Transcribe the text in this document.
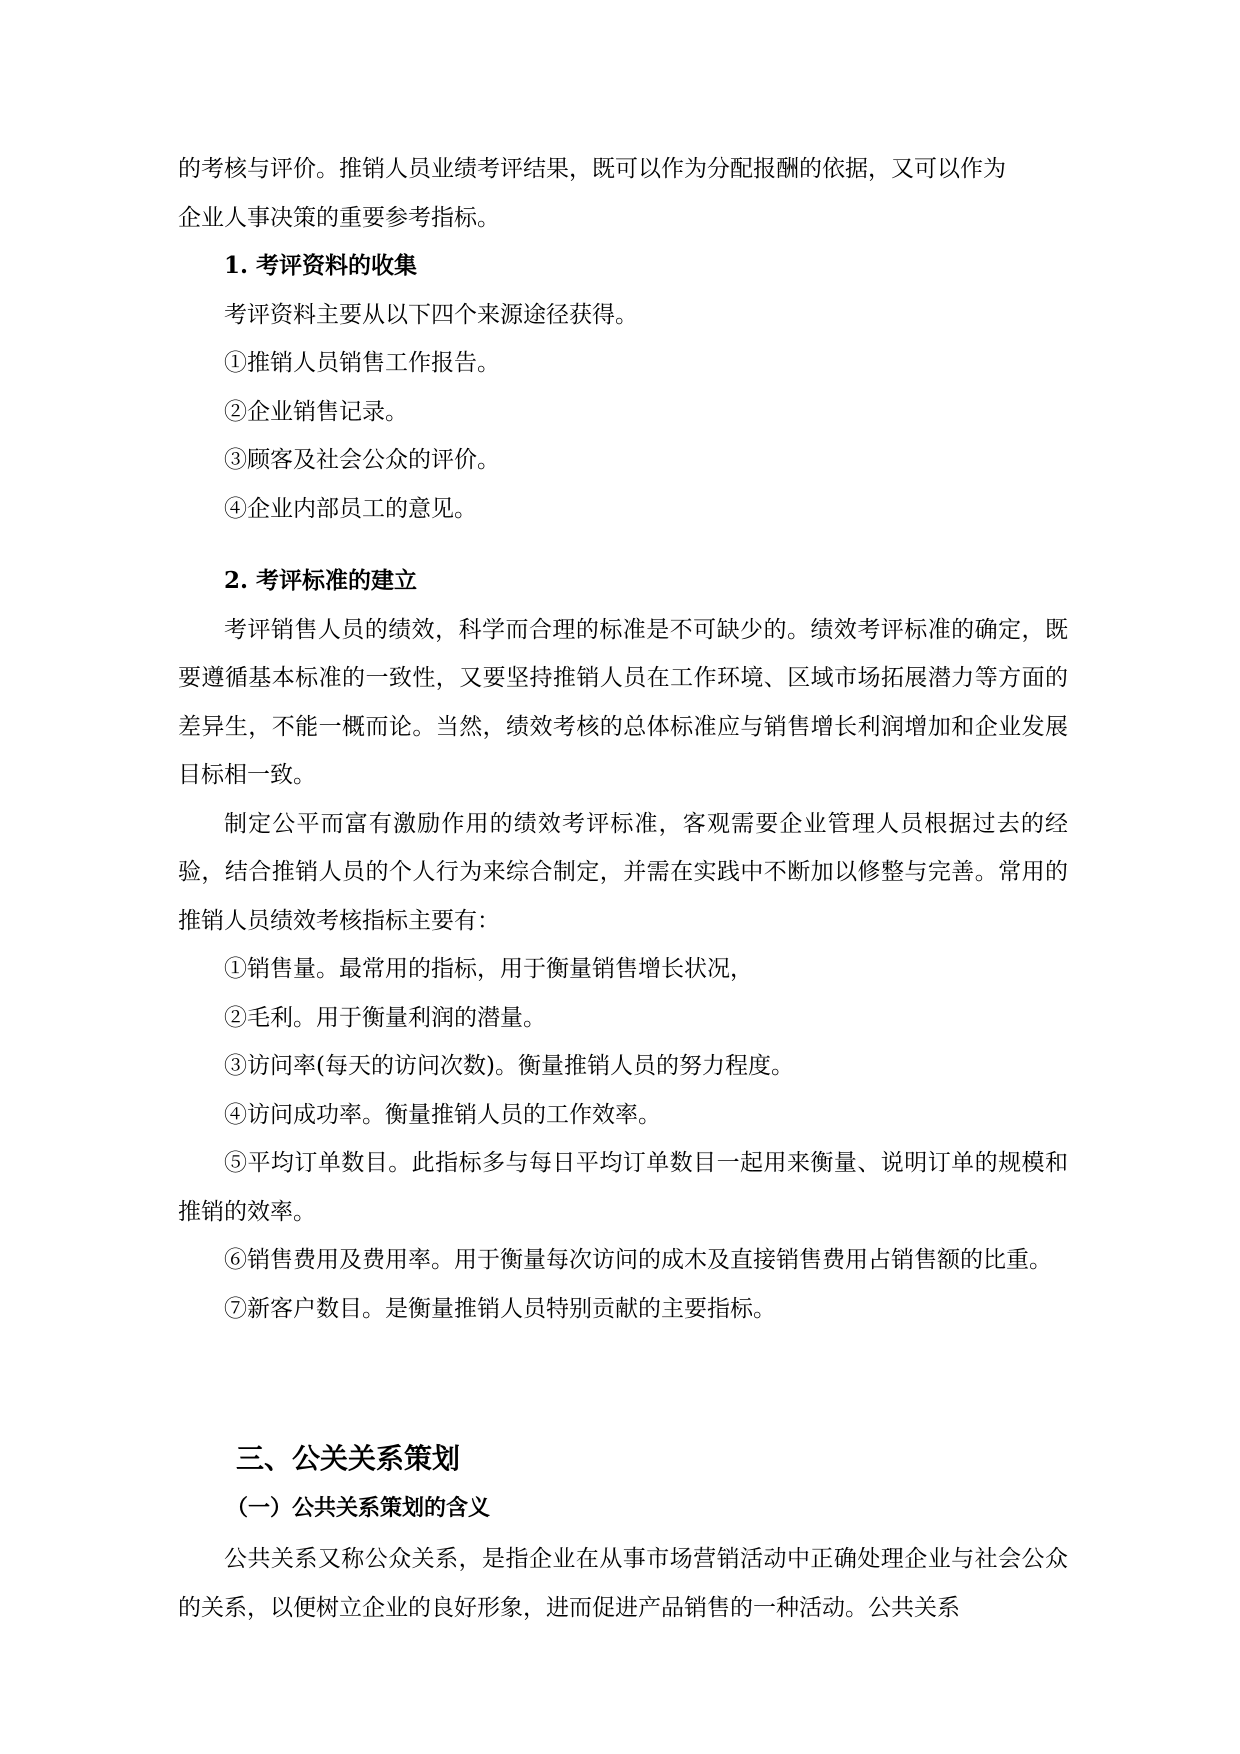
的考核与评价。推销人员业绩考评结果，既可以作为分配报酬的依据，又可以作为

企业人事决策的重要参考指标。

1. 考评资料的收集

考评资料主要从以下四个来源途径获得。

①推销人员销售工作报告。

②企业销售记录。

③顾客及社会公众的评价。

④企业内部员工的意见。

2. 考评标准的建立

考评销售人员的绩效，科学而合理的标准是不可缺少的。绩效考评标准的确定，既要遵循基本标准的一致性，又要坚持推销人员在工作环境、区域市场拓展潜力等方面的差异生，不能一概而论。当然，绩效考核的总体标准应与销售增长利润增加和企业发展目标相一致。

制定公平而富有激励作用的绩效考评标准，客观需要企业管理人员根据过去的经验，结合推销人员的个人行为来综合制定，并需在实践中不断加以修整与完善。常用的推销人员绩效考核指标主要有：

①销售量。最常用的指标，用于衡量销售增长状况，

②毛利。用于衡量利润的潜量。

③访问率(每天的访问次数)。衡量推销人员的努力程度。

④访问成功率。衡量推销人员的工作效率。

⑤平均订单数目。此指标多与每日平均订单数目一起用来衡量、说明订单的规模和推销的效率。

⑥销售费用及费用率。用于衡量每次访问的成木及直接销售费用占销售额的比重。

⑦新客户数目。是衡量推销人员特别贡献的主要指标。

三、公关关系策划
（一）公共关系策划的含义

公共关系又称公众关系，是指企业在从事市场营销活动中正确处理企业与社会公众的关系，以便树立企业的良好形象，进而促进产品销售的一种活动。公共关系
